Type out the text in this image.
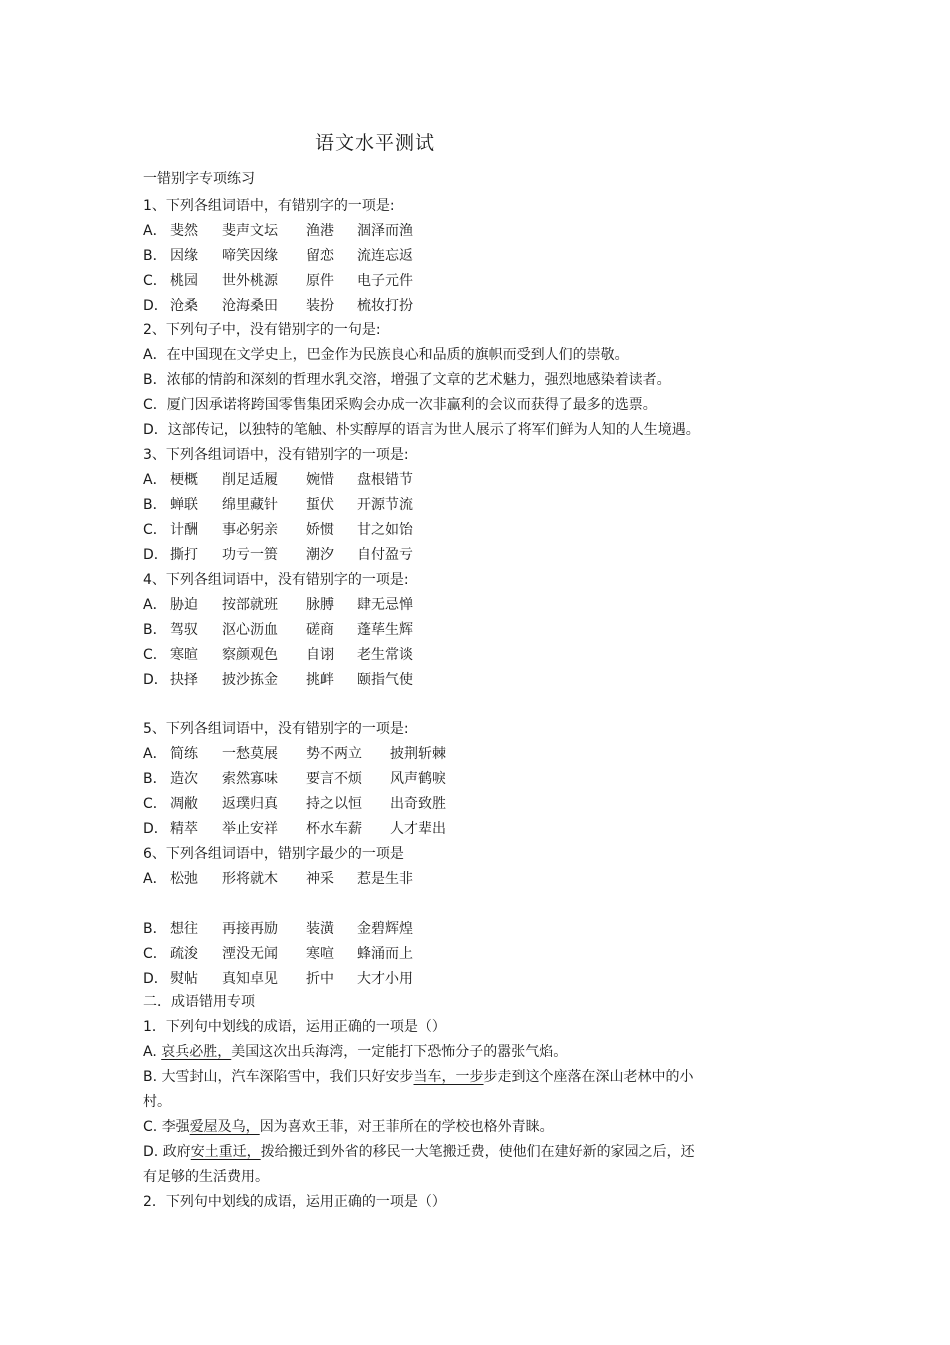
语文水平测试
一错别字专项练习
1、下列各组词语中，有错别字的一项是:
A． 斐然 斐声文坛 渔港 涸泽而渔
B． 因缘 啼笑因缘 留恋 流连忘返
C． 桃园 世外桃源 原件 电子元件
D． 沧桑 沧海桑田 装扮 梳妆打扮
2、下列句子中，没有错别字的一句是:
A．在中国现在文学史上，巴金作为民族良心和品质的旗帜而受到人们的崇敬。
B．浓郁的情韵和深刻的哲理水乳交溶，增强了文章的艺术魅力，强烈地感染着读者。
C．厦门因承诺将跨国零售集团采购会办成一次非赢利的会议而获得了最多的选票。
D．这部传记，以独特的笔触、朴实醇厚的语言为世人展示了将军们鲜为人知的人生境遇。
3、下列各组词语中，没有错别字的一项是:
A． 梗概 削足适履 婉惜 盘根错节
B． 蝉联 绵里藏针 蜇伏 开源节流
C． 计酬 事必躬亲 娇惯 甘之如饴
D． 撕打 功亏一篑 潮汐 自付盈亏
4、下列各组词语中，没有错别字的一项是:
A． 胁迫 按部就班 脉膊 肆无忌惮
B． 驾驭 沤心沥血 磋商 蓬荜生辉
C． 寒暄 察颜观色 自诩 老生常谈
D． 抉择 披沙拣金 挑衅 颐指气使
5、下列各组词语中，没有错别字的一项是:
A． 简练 一愁莫展 势不两立 披荆斩棘
B． 造次 索然寡味 要言不烦 风声鹤唳
C． 凋敝 返璞归真 持之以恒 出奇致胜
D． 精萃 举止安祥 杯水车薪 人才辈出
6、下列各组词语中，错别字最少的一项是
A． 松弛 形将就木 神采 惹是生非
B． 想往 再接再励 装潢 金碧辉煌
C． 疏浚 湮没无闻 寒喧 蜂涌而上
D． 熨帖 真知卓见 折中 大才小用
二．成语错用专项
1．下列句中划线的成语，运用正确的一项是（）
A. 哀兵必胜，美国这次出兵海湾，一定能打下恐怖分子的嚣张气焰。
B. 大雪封山，汽车深陷雪中，我们只好安步当车，一步步走到这个座落在深山老林中的小
村。
C. 李强爱屋及乌，因为喜欢王菲，对王菲所在的学校也格外青睐。
D. 政府安土重迁，拨给搬迁到外省的移民一大笔搬迁费，使他们在建好新的家园之后，还
有足够的生活费用。
2．下列句中划线的成语，运用正确的一项是（）
